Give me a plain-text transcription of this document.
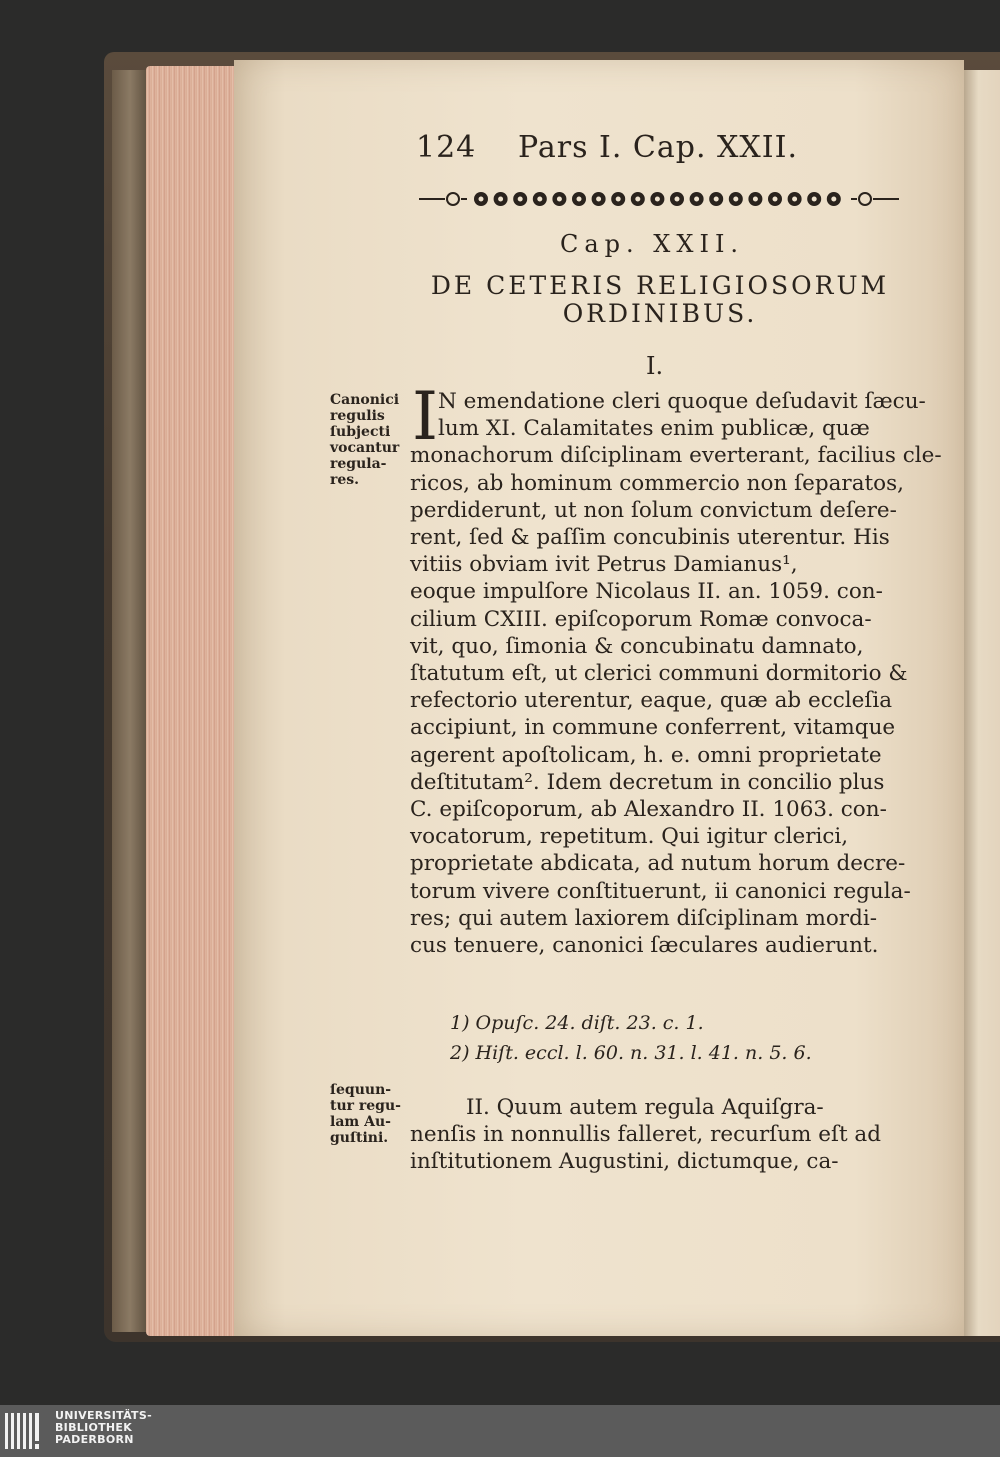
124 Pars I. Cap. XXII.
Cap. XXII.
DE CETERIS RELIGIOSORUM
ORDINIBUS.
I.
Canonici
regulis
ſubjecti
vocantur
regula-
res.
I N emendatione cleri quoque deſudavit ſæcu-
lum XI. Calamitates enim publicæ, quæ
monachorum diſciplinam everterant, facilius cle-
ricos, ab hominum commercio non ſeparatos,
perdiderunt, ut non ſolum convictum deſere-
rent, ſed & paſſim concubinis uterentur. His
vitiis obviam ivit Petrus Damianus¹,
eoque impulſore Nicolaus II. an. 1059. con-
cilium CXIII. epiſcoporum Romæ convoca-
vit, quo, ſimonia & concubinatu damnato,
ſtatutum eſt, ut clerici communi dormitorio &
refectorio uterentur, eaque, quæ ab eccleſia
accipiunt, in commune conferrent, vitamque
agerent apoſtolicam, h. e. omni proprietate
deſtitutam². Idem decretum in concilio plus
C. epiſcoporum, ab Alexandro II. 1063. con-
vocatorum, repetitum. Qui igitur clerici,
proprietate abdicata, ad nutum horum decre-
torum vivere conſtituerunt, ii canonici regula-
res; qui autem laxiorem diſciplinam mordi-
cus tenuere, canonici ſæculares audierunt.
1) Opuſc. 24. diſt. 23. c. 1.
2) Hiſt. eccl. l. 60. n. 31. l. 41. n. 5. 6.
ſequun-
tur regu-
lam Au-
guſtini.
II. Quum autem regula Aquiſgra-
nenſis in nonnullis falleret, recurſum eſt ad
inſtitutionem Augustini, dictumque, ca-
UNIVERSITÄTS-
BIBLIOTHEK
PADERBORN
